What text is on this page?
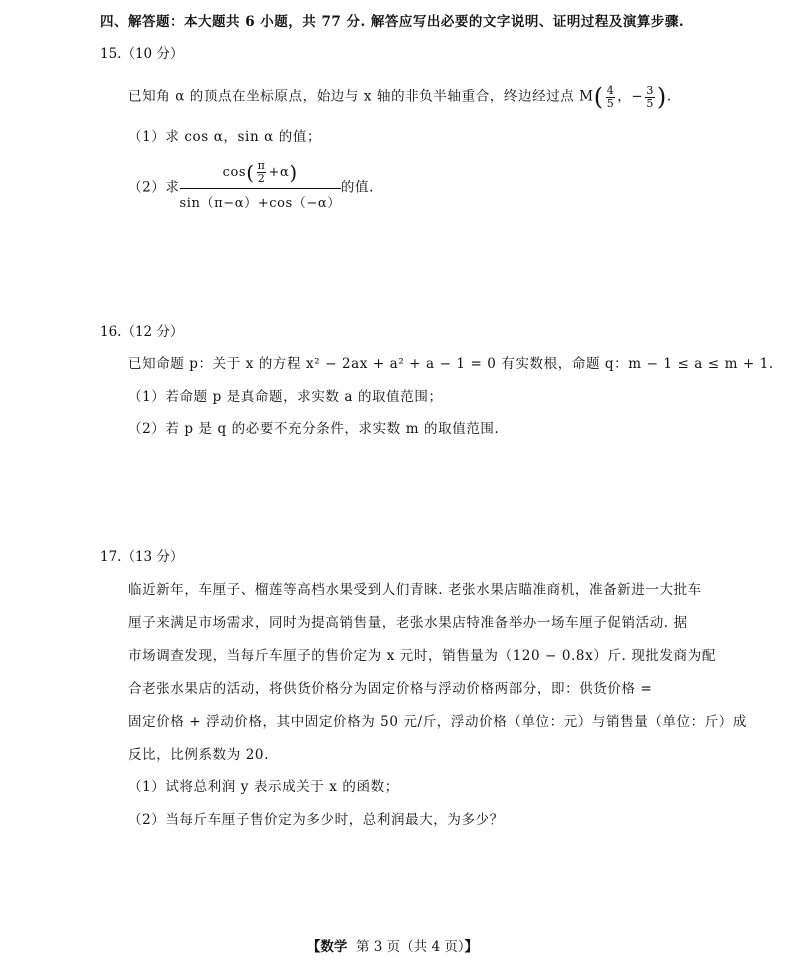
四、解答题：本大题共 6 小题，共 77 分. 解答应写出必要的文字说明、证明过程及演算步骤.
15.（10 分）
已知角 α 的顶点在坐标原点，始边与 x 轴的非负半轴重合，终边经过点 $M( \frac{4}{5}$ ，− $\frac{3}{5}$ ).
（1）求 cos α，sin α 的值；
（2）求 $\frac{\cos( \frac{\pi}{2} +\alpha)}{\sin(\pi-\alpha)+\cos(-\alpha)}$ 的值.
16.（12 分）
已知命题 p：关于 x 的方程 x² − 2ax + a² + a − 1 = 0 有实数根，命题 q：m − 1 ≤ a ≤ m + 1.
（1）若命题 p 是真命题，求实数 a 的取值范围；
（2）若 p 是 q 的必要不充分条件，求实数 m 的取值范围.
17.（13 分）
临近新年，车厘子、榴莲等高档水果受到人们青睐. 老张水果店瞄准商机，准备新进一大批车
厘子来满足市场需求，同时为提高销售量，老张水果店特准备举办一场车厘子促销活动. 据
市场调查发现，当每斤车厘子的售价定为 x 元时，销售量为（120 − 0.8x）斤. 现批发商为配
合老张水果店的活动，将供货价格分为固定价格与浮动价格两部分，即：供货价格 =
固定价格 + 浮动价格，其中固定价格为 50 元/斤，浮动价格（单位：元）与销售量（单位：斤）成
反比，比例系数为 20.
（1）试将总利润 y 表示成关于 x 的函数；
（2）当每斤车厘子售价定为多少时，总利润最大，为多少？
【数学 第 3 页（共 4 页）】
